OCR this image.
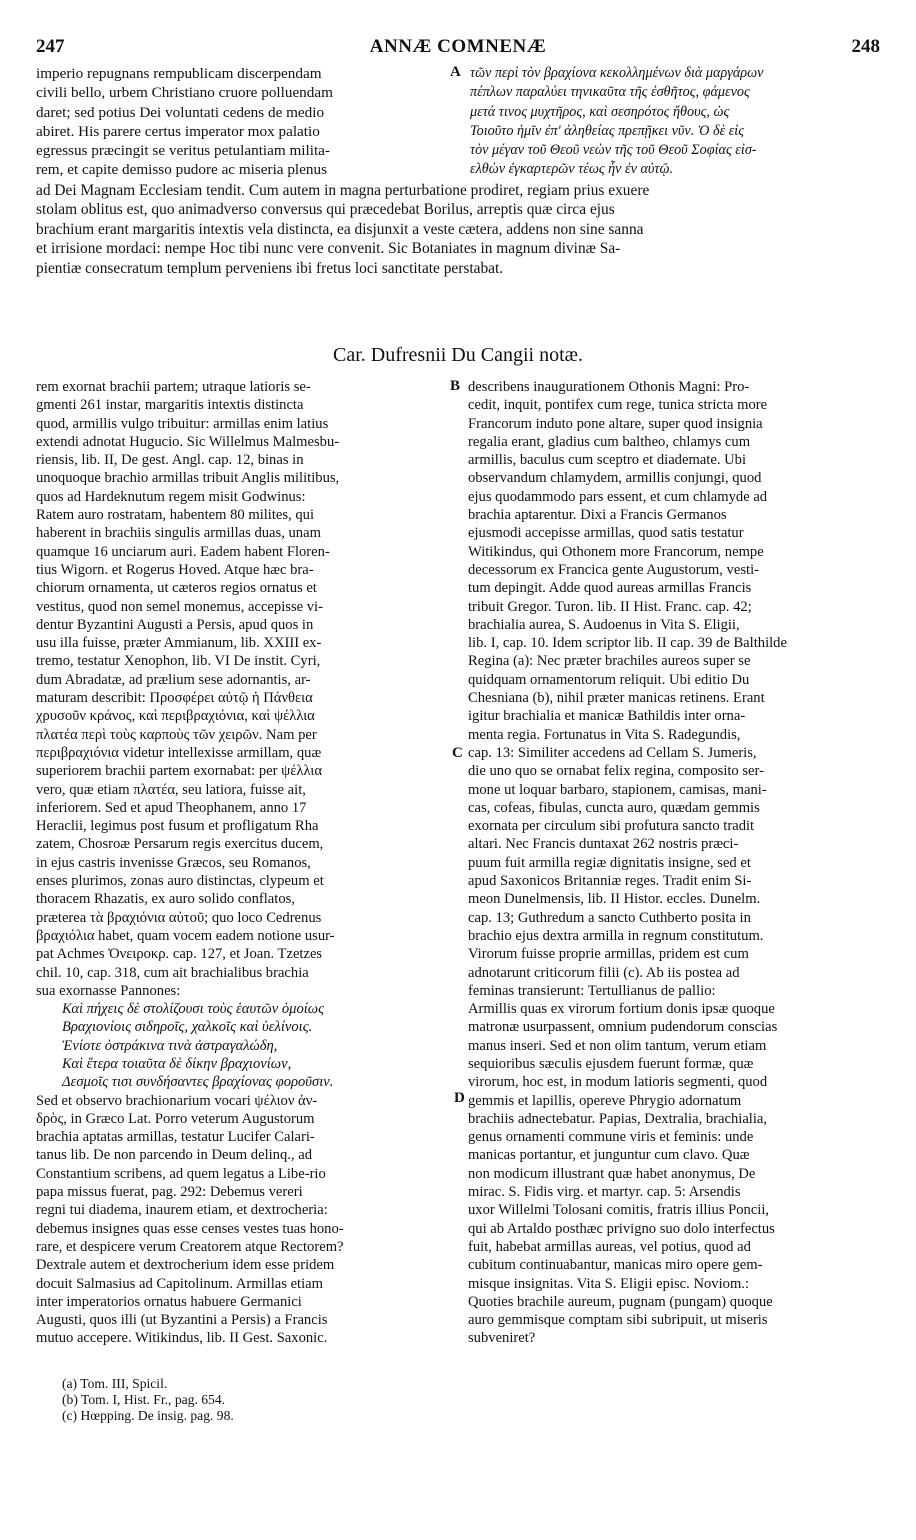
247	ANNÆ COMNENÆ	248
imperio repugnans rempublicam discerpendam
civili bello, urbem Christiano cruore polluendam
daret; sed potius Dei voluntati cedens de medio
abiret. His parere certus imperator mox palatio
egressus præcingit se veritus petulantiam milita-
rem, et capite demisso pudore ac miseria plenus
A τῶν περὶ τὸν βραχίονα κεκολλημένων διὰ μαργάρων
πέπλων παραλύει τηνικαῦτα τῆς ἐσθῆτος, φάμενος
μετά τινος μυχτῆρος, καὶ σεσηρότος ἤθους, ὡς
Τοιοῦτο ἡμῖν ἐπ' ἀληθείας πρεπῇκει νῦν. Ὁ δὲ εἰς
τὸν μέγαν τοῦ Θεοῦ νεὼν τῆς τοῦ Θεοῦ Σοφίας εἰσ-
ελθὼν ἐγκαρτερῶν τέως ἦν ἐν αὐτῷ.
ad Dei Magnam Ecclesiam tendit. Cum autem in magna perturbatione prodiret, regiam prius exuere
stolam oblitus est, quo animadverso conversus qui præcedebat Borilus, arreptis quæ circa ejus
brachium erant margaritis intextis vela distincta, ea disjunxit a veste cætera, addens non sine sanna
et irrisione mordaci: nempe Hoc tibi nunc vere convenit. Sic Botaniates in magnum divinæ Sa-
pientiæ consecratum templum perveniens ibi fretus loci sanctitate perstabat.
Car. Dufresnii Du Cangii notæ.
rem exornat brachii partem; utraque latioris se-
gmenti 261 instar, margaritis intextis distincta
quod, armillis vulgo tribuitur: armillas enim latius
extendi adnotat Hugucio. Sic Willelmus Malmesbu-
riensis, lib. II, De gest. Angl. cap. 12, binas in
unoquoque brachio armillas tribuit Anglis militibus,
quos ad Hardeknutum regem misit Godwinus:
Ratem auro rostratam, habentem 80 milites, qui
haberent in brachiis singulis armillas duas, unam
quamque 16 unciarum auri. Eadem habent Floren-
tius Wigorn. et Rogerus Hoved. Atque hæc bra-
chiorum ornamenta, ut cæteros regios ornatus et
vestitus, quod non semel monemus, accepisse vi-
dentur Byzantini Augusti a Persis, apud quos in
usu illa fuisse, præter Ammianum, lib. XXIII ex-
tremo, testatur Xenophon, lib. VI De instit. Cyri,
dum Abradatæ, ad prælium sese adornantis, ar-
maturam describit: Προσφέρει αὐτῷ ἡ Πάνθεια
χρυσοῦν κράνος, καὶ περιβραχιόνια, καὶ ψέλλια
πλατέα περὶ τοὺς καρποὺς τῶν χειρῶν. Nam per
περιβραχιόνια videtur intellexisse armillam, quæ
superiorem brachii partem exornabat: per ψέλλια
vero, quæ etiam πλατέα, seu latiora, fuisse ait,
inferiorem. Sed et apud Theophanem, anno 17
Heraclii, legimus post fusum et profligatum Rha
zatem, Chosroæ Persarum regis exercitus ducem,
in ejus castris invenisse Græcos, seu Romanos,
enses plurimos, zonas auro distinctas, clypeum et
thoracem Rhazatis, ex auro solido conflatos,
præterea τὰ βραχιόνια αὐτοῦ; quo loco Cedrenus
βραχιόλια habet, quam vocem eadem notione usur-
pat Achmes Ὀνειροκρ. cap. 127, et Joan. Tzetzes
chil. 10, cap. 318, cum ait brachialibus brachia
sua exornasse Pannones:
Καὶ πήχεις δὲ στολίζουσι τοὺς ἑαυτῶν ὁμοίως
Βραχιονίοις σιδηροῖς, χαλκοῖς καὶ ὑελίνοις.
Ἐνίοτε ὀστράκινα τινὰ ἀστραγαλώδη,
Καὶ ἕτερα τοιαῦτα δὲ δίκην βραχιονίων,
Δεσμοῖς τισι συνδήσαντες βραχίονας φοροῦσιν.
Sed et observo brachionarium vocari ψέλιον ἀν-
δρὸς, in Græco Lat. Porro veterum Augustorum
brachia aptatas armillas, testatur Lucifer Calari-
tanus lib. De non parcendo in Deum delinq., ad
Constantium scribens, ad quem legatus a Libe-rio
papa missus fuerat, pag. 292: Debemus vereri
regni tui diadema, inaurem etiam, et dextrocheria:
debemus insignes quas esse censes vestes tuas hono-
rare, et despicere verum Creatorem atque Rectorem?
Dextrale autem et dextrocherium idem esse pridem
docuit Salmasius ad Capitolinum. Armillas etiam
inter imperatorios ornatus habuere Germanici
Augusti, quos illi (ut Byzantini a Persis) a Francis
mutuo accepere. Witikindus, lib. II Gest. Saxonic.
B
C
D
describens inaugurationem Othonis Magni: Pro-
cedit, inquit, pontifex cum rege, tunica stricta more
Francorum induto pone altare, super quod insignia
regalia erant, gladius cum baltheo, chlamys cum
armillis, baculus cum sceptro et diademate. Ubi
observandum chlamydem, armillis conjungi, quod
ejus quodammodo pars essent, et cum chlamyde ad
brachia aptarentur. Dixi a Francis Germanos
ejusmodi accepisse armillas, quod satis testatur
Witikindus, qui Othonem more Francorum, nempe
decessorum ex Francica gente Augustorum, vesti-
tum depingit. Adde quod aureas armillas Francis
tribuit Gregor. Turon. lib. II Hist. Franc. cap. 42;
brachialia aurea, S. Audoenus in Vita S. Eligii,
lib. I, cap. 10. Idem scriptor lib. II cap. 39 de Balthilde
Regina (a): Nec præter brachiles aureos super se
quidquam ornamentorum reliquit. Ubi editio Du
Chesniana (b), nihil præter manicas retinens. Erant
igitur brachialia et manicæ Bathildis inter orna-
menta regia. Fortunatus in Vita S. Radegundis,
cap. 13: Similiter accedens ad Cellam S. Jumeris,
die uno quo se ornabat felix regina, composito ser-
mone ut loquar barbaro, stapionem, camisas, mani-
cas, cofeas, fibulas, cuncta auro, quædam gemmis
exornata per circulum sibi profutura sancto tradit
altari. Nec Francis duntaxat 262 nostris præci-
puum fuit armilla regiæ dignitatis insigne, sed et
apud Saxonicos Britanniæ reges. Tradit enim Si-
meon Dunelmensis, lib. II Histor. eccles. Dunelm.
cap. 13; Guthredum a sancto Cuthberto posita in
brachio ejus dextra armilla in regnum constitutum.
Virorum fuisse proprie armillas, pridem est cum
adnotarunt criticorum filii (c). Ab iis postea ad
feminas transierunt: Tertullianus de pallio:
Armillis quas ex virorum fortium donis ipsæ quoque
matronæ usurpassent, omnium pudendorum conscias
manus inseri. Sed et non olim tantum, verum etiam
sequioribus sæculis ejusdem fuerunt formæ, quæ
virorum, hoc est, in modum latioris segmenti, quod
gemmis et lapillis, opereve Phrygio adornatum
brachiis adnectebatur. Papias, Dextralia, brachialia,
genus ornamenti commune viris et feminis: unde
manicas portantur, et junguntur cum clavo. Quæ
non modicum illustrant quæ habet anonymus, De
mirac. S. Fidis virg. et martyr. cap. 5: Arsendis
uxor Willelmi Tolosani comitis, fratris illius Poncii,
qui ab Artaldo posthæc privigno suo dolo interfectus
fuit, habebat armillas aureas, vel potius, quod ad
cubitum continuabantur, manicas miro opere gem-
misque insignitas. Vita S. Eligii episc. Noviom.:
Quoties brachile aureum, pugnam (pungam) quoque
auro gemmisque comptam sibi subripuit, ut miseris
subveniret?
(a) Tom. III, Spicil.
(b) Tom. I, Hist. Fr., pag. 654.
(c) Hœpping. De insig. pag. 98.
